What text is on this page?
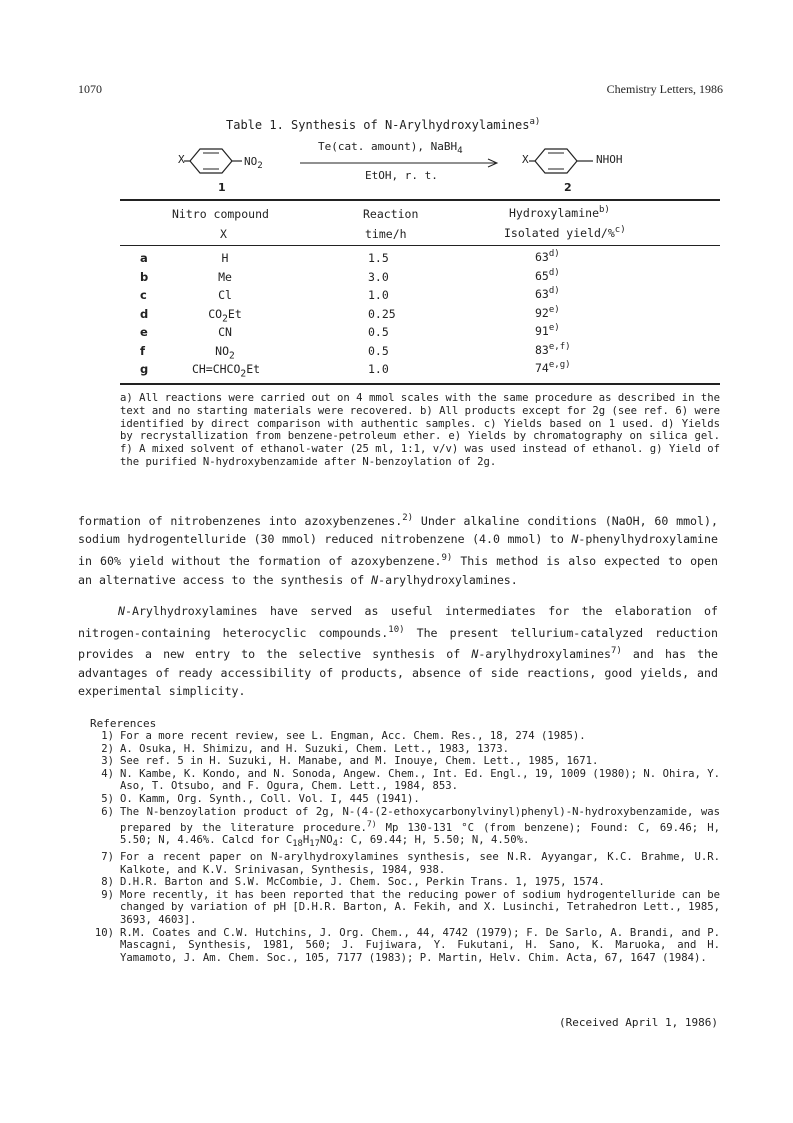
1070	Chemistry Letters, 1986
Table 1. Synthesis of N-Arylhydroxylamines$^{a)}$
X	$NO_2$
1
Te(cat. amount), NaBH$_4$
EtOH, r. t.
X	NHOH
2
Nitro compound
X
Reaction
time/h
Hydroxylamine$^{b)}$
Isolated yield/%$^{c)}$
a	H	1.5	63$^{d)}$
b	Me	3.0	65$^{d)}$
c	Cl	1.0	63$^{d)}$
d	$CO_2Et$	0.25	92$^{e)}$
e	CN	0.5	91$^{e)}$
f	$NO_2$	0.5	83$^{e,f)}$
g	$CH=CHCO_2Et$	1.0	74$^{e,g)}$
a) All reactions were carried out on 4 mmol scales with the same procedure as described in the text and no starting materials were recovered. b) All products except for 2g (see ref. 6) were identified by direct comparison with authentic samples. c) Yields based on 1 used. d) Yields by recrystallization from benzene-petroleum ether. e) Yields by chromatography on silica gel. f) A mixed solvent of ethanol-water (25 ml, 1:1, v/v) was used instead of ethanol. g) Yield of the purified N-hydroxybenzamide after N-benzoylation of 2g.

formation of nitrobenzenes into azoxybenzenes.$^{2)}$ Under alkaline conditions (NaOH, 60 mmol), sodium hydrogentelluride (30 mmol) reduced nitrobenzene (4.0 mmol) to N-phenylhydroxylamine in 60% yield without the formation of azoxybenzene.$^{9)}$ This method is also expected to open an alternative access to the synthesis of N-arylhydroxylamines.

N-Arylhydroxylamines have served as useful intermediates for the elaboration of nitrogen-containing heterocyclic compounds.$^{10)}$ The present tellurium-catalyzed reduction provides a new entry to the selective synthesis of N-arylhydroxylamines$^{7)}$ and has the advantages of ready accessibility of products, absence of side reactions, good yields, and experimental simplicity.

References
1) For a more recent review, see L. Engman, Acc. Chem. Res., 18, 274 (1985).
2) A. Osuka, H. Shimizu, and H. Suzuki, Chem. Lett., 1983, 1373.
3) See ref. 5 in H. Suzuki, H. Manabe, and M. Inouye, Chem. Lett., 1985, 1671.
4) N. Kambe, K. Kondo, and N. Sonoda, Angew. Chem., Int. Ed. Engl., 19, 1009 (1980); N. Ohira, Y. Aso, T. Otsubo, and F. Ogura, Chem. Lett., 1984, 853.
5) O. Kamm, Org. Synth., Coll. Vol. I, 445 (1941).
6) The N-benzoylation product of 2g, N-(4-(2-ethoxycarbonylvinyl)phenyl)-N-hydroxybenzamide, was prepared by the literature procedure.$^{7)}$ Mp 130-131 °C (from benzene); Found: C, 69.46; H, 5.50; N, 4.46%. Calcd for $C_{18}H_{17}NO_4$: C, 69.44; H, 5.50; N, 4.50%.
7) For a recent paper on N-arylhydroxylamines synthesis, see N.R. Ayyangar, K.C. Brahme, U.R. Kalkote, and K.V. Srinivasan, Synthesis, 1984, 938.
8) D.H.R. Barton and S.W. McCombie, J. Chem. Soc., Perkin Trans. 1, 1975, 1574.
9) More recently, it has been reported that the reducing power of sodium hydrogentelluride can be changed by variation of pH [D.H.R. Barton, A. Fekih, and X. Lusinchi, Tetrahedron Lett., 1985, 3693, 4603].
10) R.M. Coates and C.W. Hutchins, J. Org. Chem., 44, 4742 (1979); F. De Sarlo, A. Brandi, and P. Mascagni, Synthesis, 1981, 560; J. Fujiwara, Y. Fukutani, H. Sano, K. Maruoka, and H. Yamamoto, J. Am. Chem. Soc., 105, 7177 (1983); P. Martin, Helv. Chim. Acta, 67, 1647 (1984).
(Received April 1, 1986)
